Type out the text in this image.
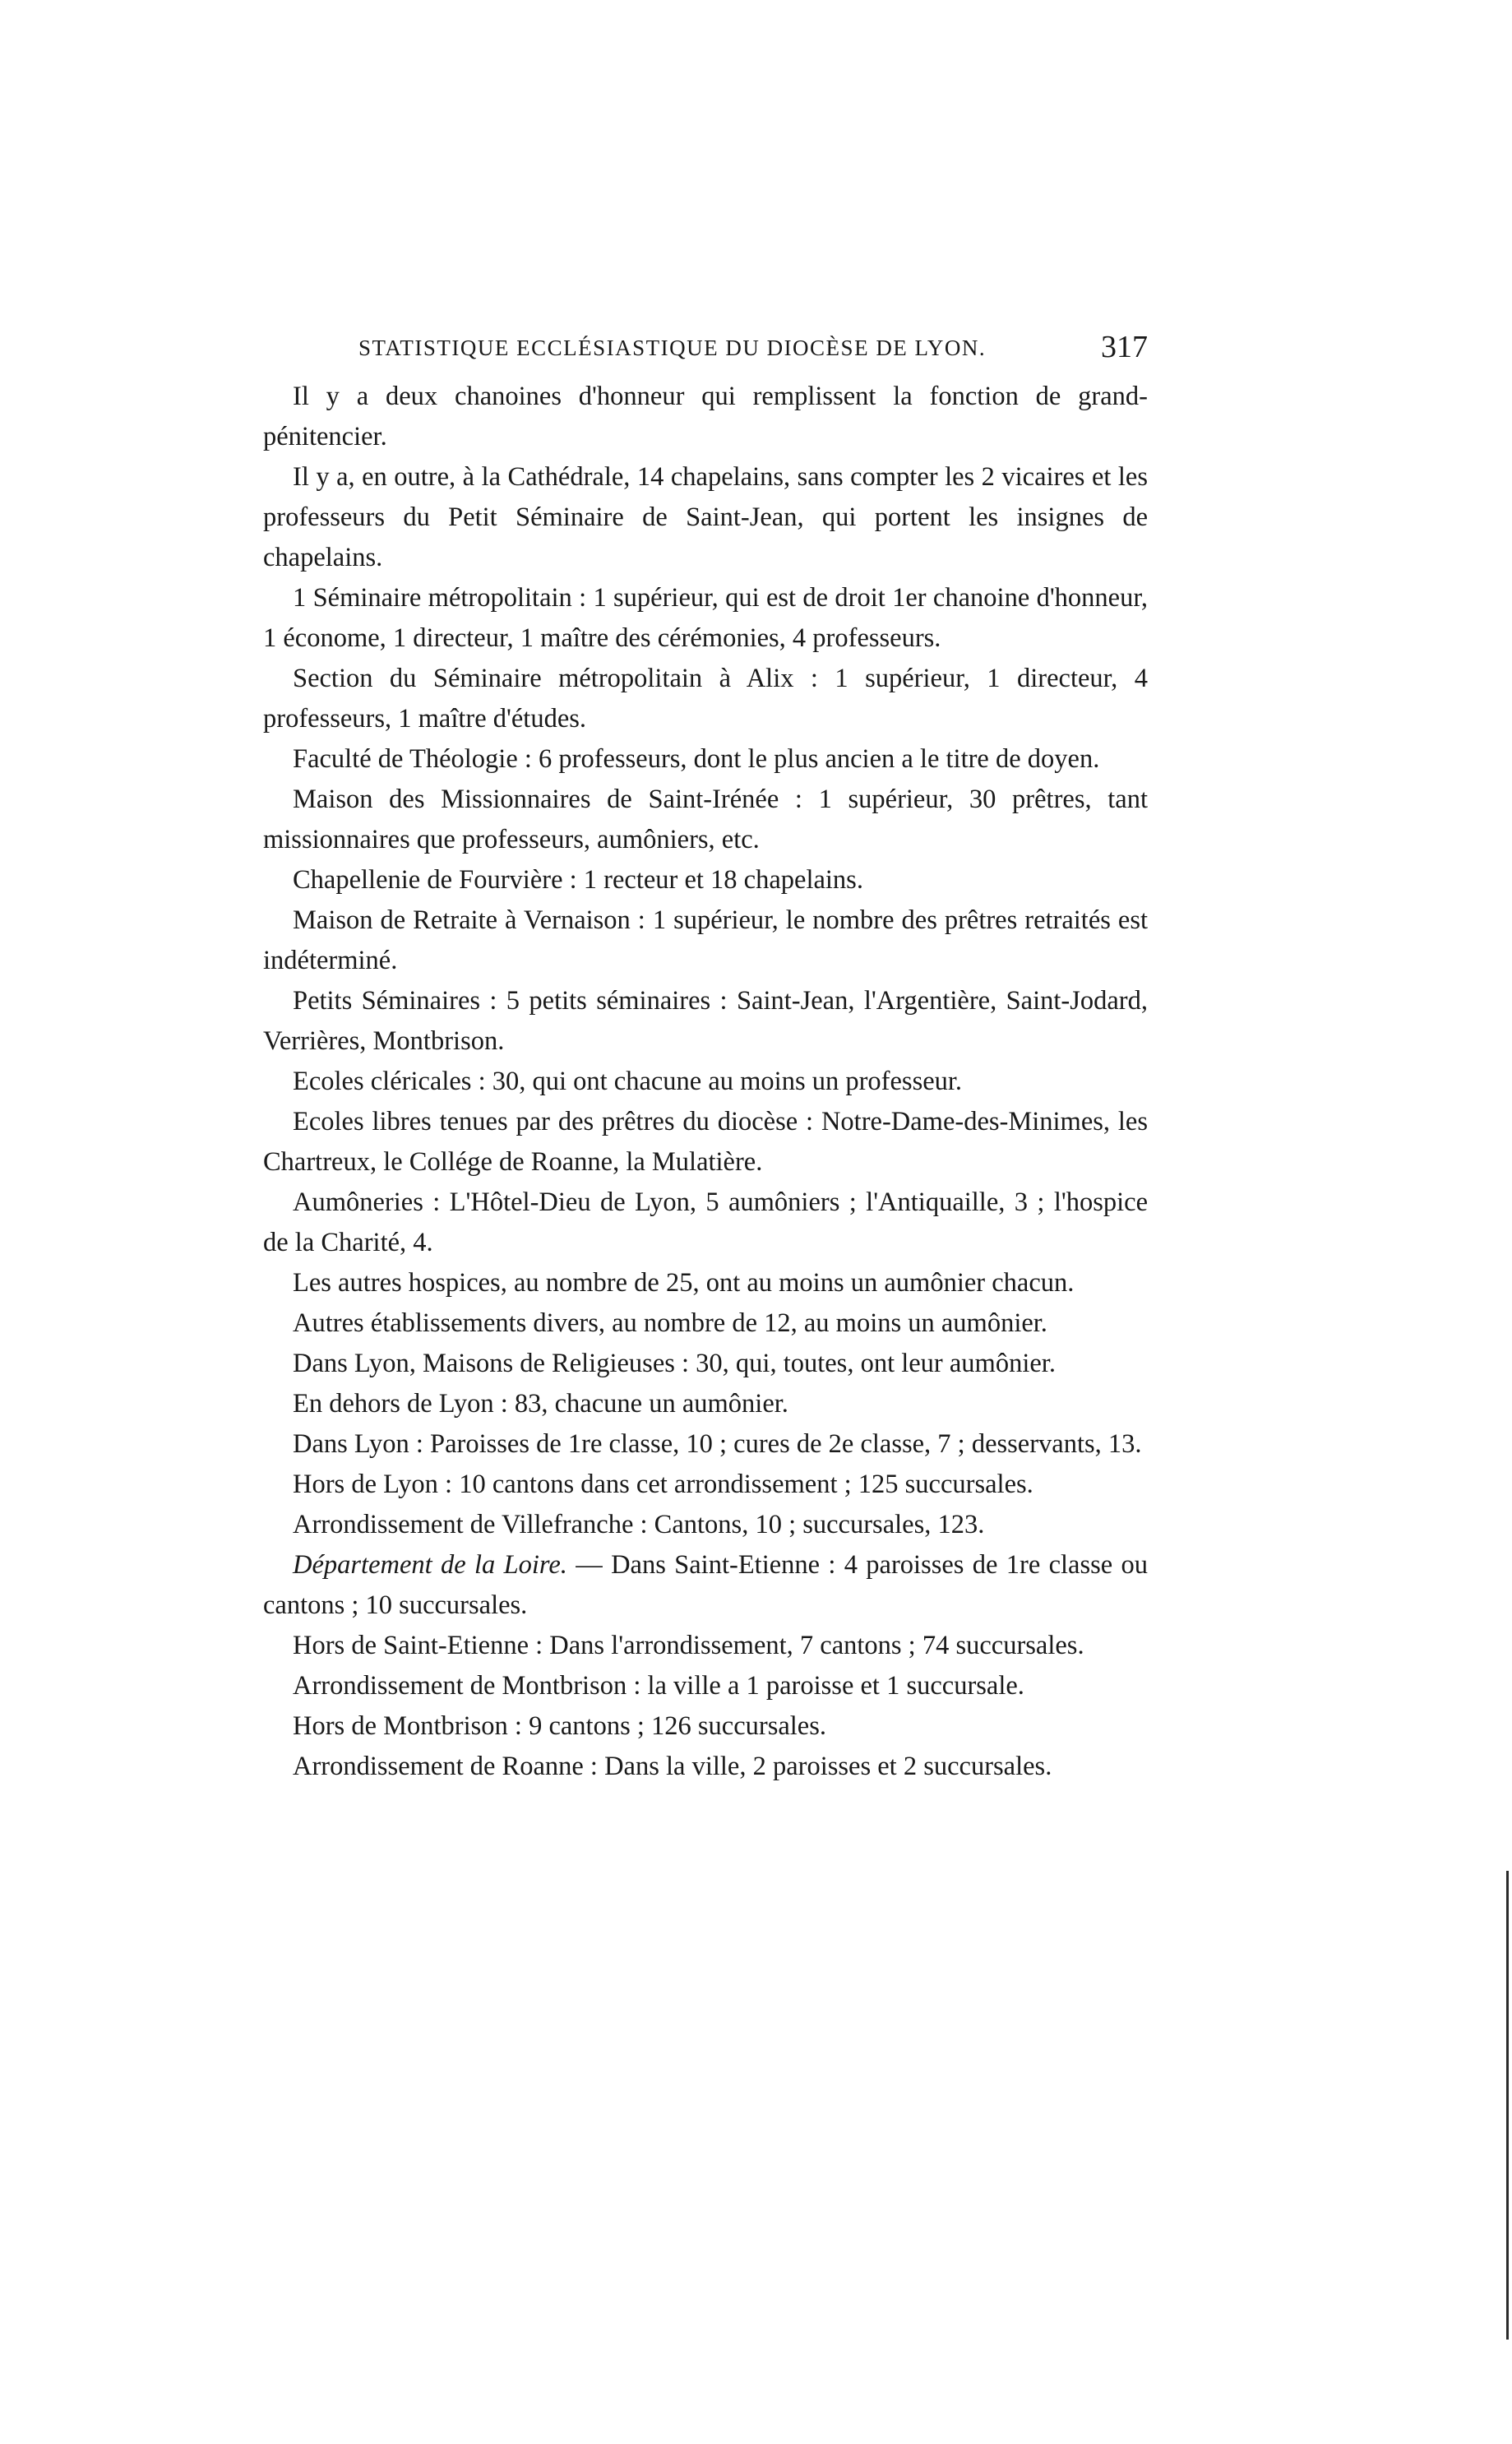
STATISTIQUE ECCLÉSIASTIQUE DU DIOCÈSE DE LYON.	317

Il y a deux chanoines d'honneur qui remplissent la fonction de grand-pénitencier.

Il y a, en outre, à la Cathédrale, 14 chapelains, sans compter les 2 vicaires et les professeurs du Petit Séminaire de Saint-Jean, qui portent les insignes de chapelains.

1 Séminaire métropolitain : 1 supérieur, qui est de droit 1er chanoine d'honneur, 1 économe, 1 directeur, 1 maître des cérémonies, 4 professeurs.

Section du Séminaire métropolitain à Alix : 1 supérieur, 1 directeur, 4 professeurs, 1 maître d'études.

Faculté de Théologie : 6 professeurs, dont le plus ancien a le titre de doyen.

Maison des Missionnaires de Saint-Irénée : 1 supérieur, 30 prêtres, tant missionnaires que professeurs, aumôniers, etc.

Chapellenie de Fourvière : 1 recteur et 18 chapelains.

Maison de Retraite à Vernaison : 1 supérieur, le nombre des prêtres retraités est indéterminé.

Petits Séminaires : 5 petits séminaires : Saint-Jean, l'Argentière, Saint-Jodard, Verrières, Montbrison.

Ecoles cléricales : 30, qui ont chacune au moins un professeur.

Ecoles libres tenues par des prêtres du diocèse : Notre-Dame-des-Minimes, les Chartreux, le Collége de Roanne, la Mulatière.

Aumôneries : L'Hôtel-Dieu de Lyon, 5 aumôniers ; l'Antiquaille, 3 ; l'hospice de la Charité, 4.

Les autres hospices, au nombre de 25, ont au moins un aumônier chacun.

Autres établissements divers, au nombre de 12, au moins un aumônier.

Dans Lyon, Maisons de Religieuses : 30, qui, toutes, ont leur aumônier.

En dehors de Lyon : 83, chacune un aumônier.

Dans Lyon : Paroisses de 1re classe, 10 ; cures de 2e classe, 7 ; desservants, 13.

Hors de Lyon : 10 cantons dans cet arrondissement ; 125 succursales.

Arrondissement de Villefranche : Cantons, 10 ; succursales, 123.

Département de la Loire. — Dans Saint-Etienne : 4 paroisses de 1re classe ou cantons ; 10 succursales.

Hors de Saint-Etienne : Dans l'arrondissement, 7 cantons ; 74 succursales.

Arrondissement de Montbrison : la ville a 1 paroisse et 1 succursale.

Hors de Montbrison : 9 cantons ; 126 succursales.

Arrondissement de Roanne : Dans la ville, 2 paroisses et 2 succursales.
